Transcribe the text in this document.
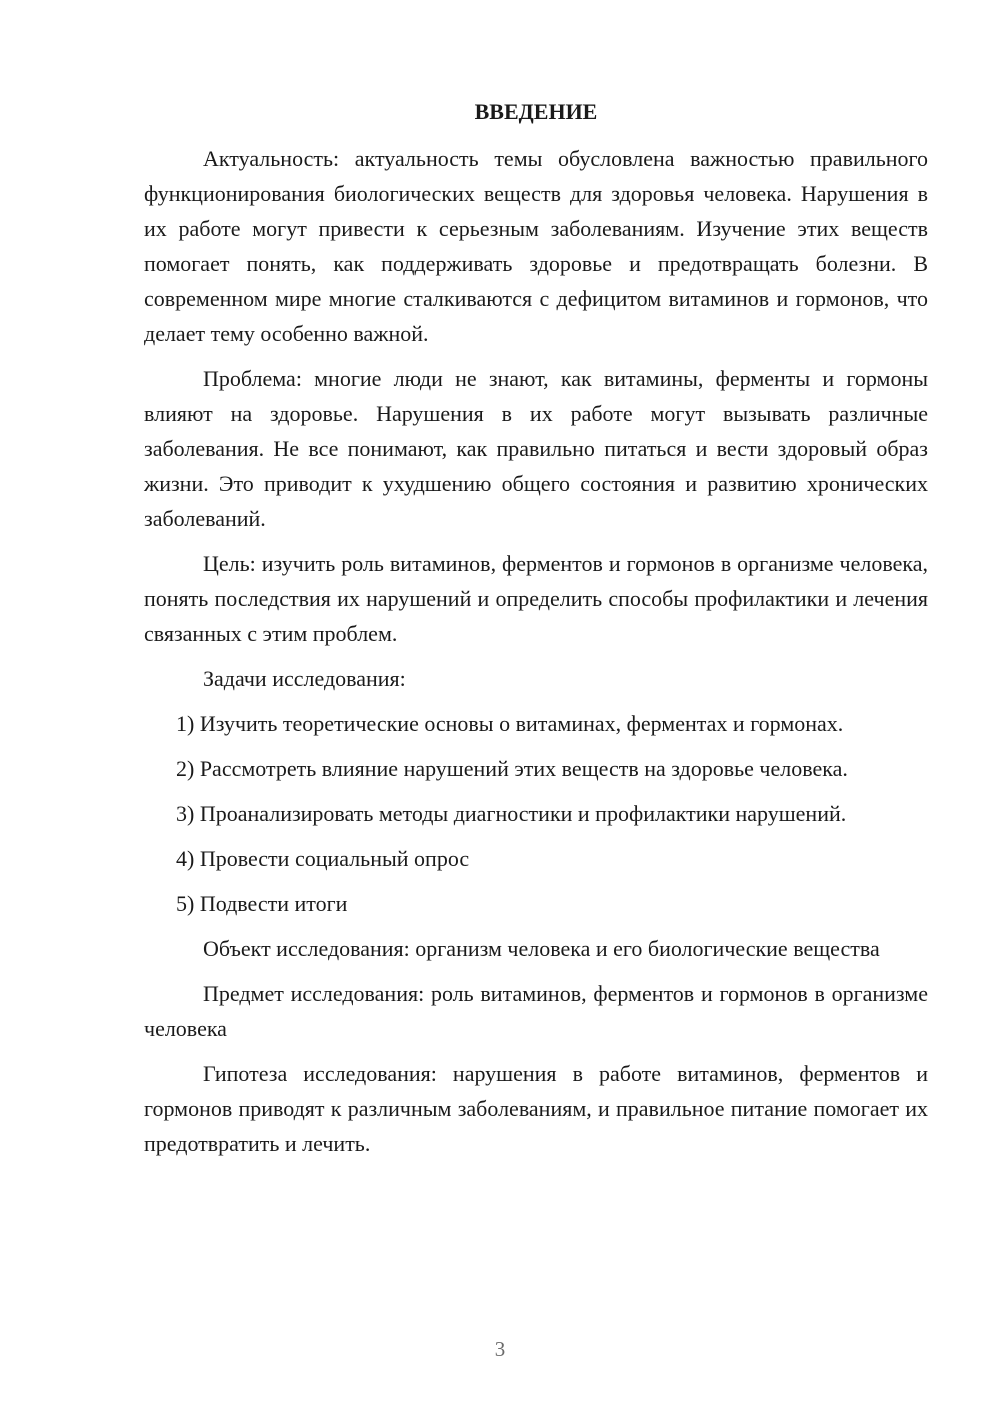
ВВЕДЕНИЕ

Актуальность: актуальность темы обусловлена важностью правильного функционирования биологических веществ для здоровья человека. Нарушения в их работе могут привести к серьезным заболеваниям. Изучение этих веществ помогает понять, как поддерживать здоровье и предотвращать болезни. В современном мире многие сталкиваются с дефицитом витаминов и гормонов, что делает тему особенно важной.

Проблема: многие люди не знают, как витамины, ферменты и гормоны влияют на здоровье. Нарушения в их работе могут вызывать различные заболевания. Не все понимают, как правильно питаться и вести здоровый образ жизни. Это приводит к ухудшению общего состояния и развитию хронических заболеваний.

Цель: изучить роль витаминов, ферментов и гормонов в организме человека, понять последствия их нарушений и определить способы профилактики и лечения связанных с этим проблем.

Задачи исследования:

1) Изучить теоретические основы о витаминах, ферментах и гормонах.

2) Рассмотреть влияние нарушений этих веществ на здоровье человека.

3) Проанализировать методы диагностики и профилактики нарушений.

4) Провести социальный опрос

5) Подвести итоги

Объект исследования: организм человека и его биологические вещества

Предмет исследования: роль витаминов, ферментов и гормонов в организме человека

Гипотеза исследования: нарушения в работе витаминов, ферментов и гормонов приводят к различным заболеваниям, и правильное питание помогает их предотвратить и лечить.

3
